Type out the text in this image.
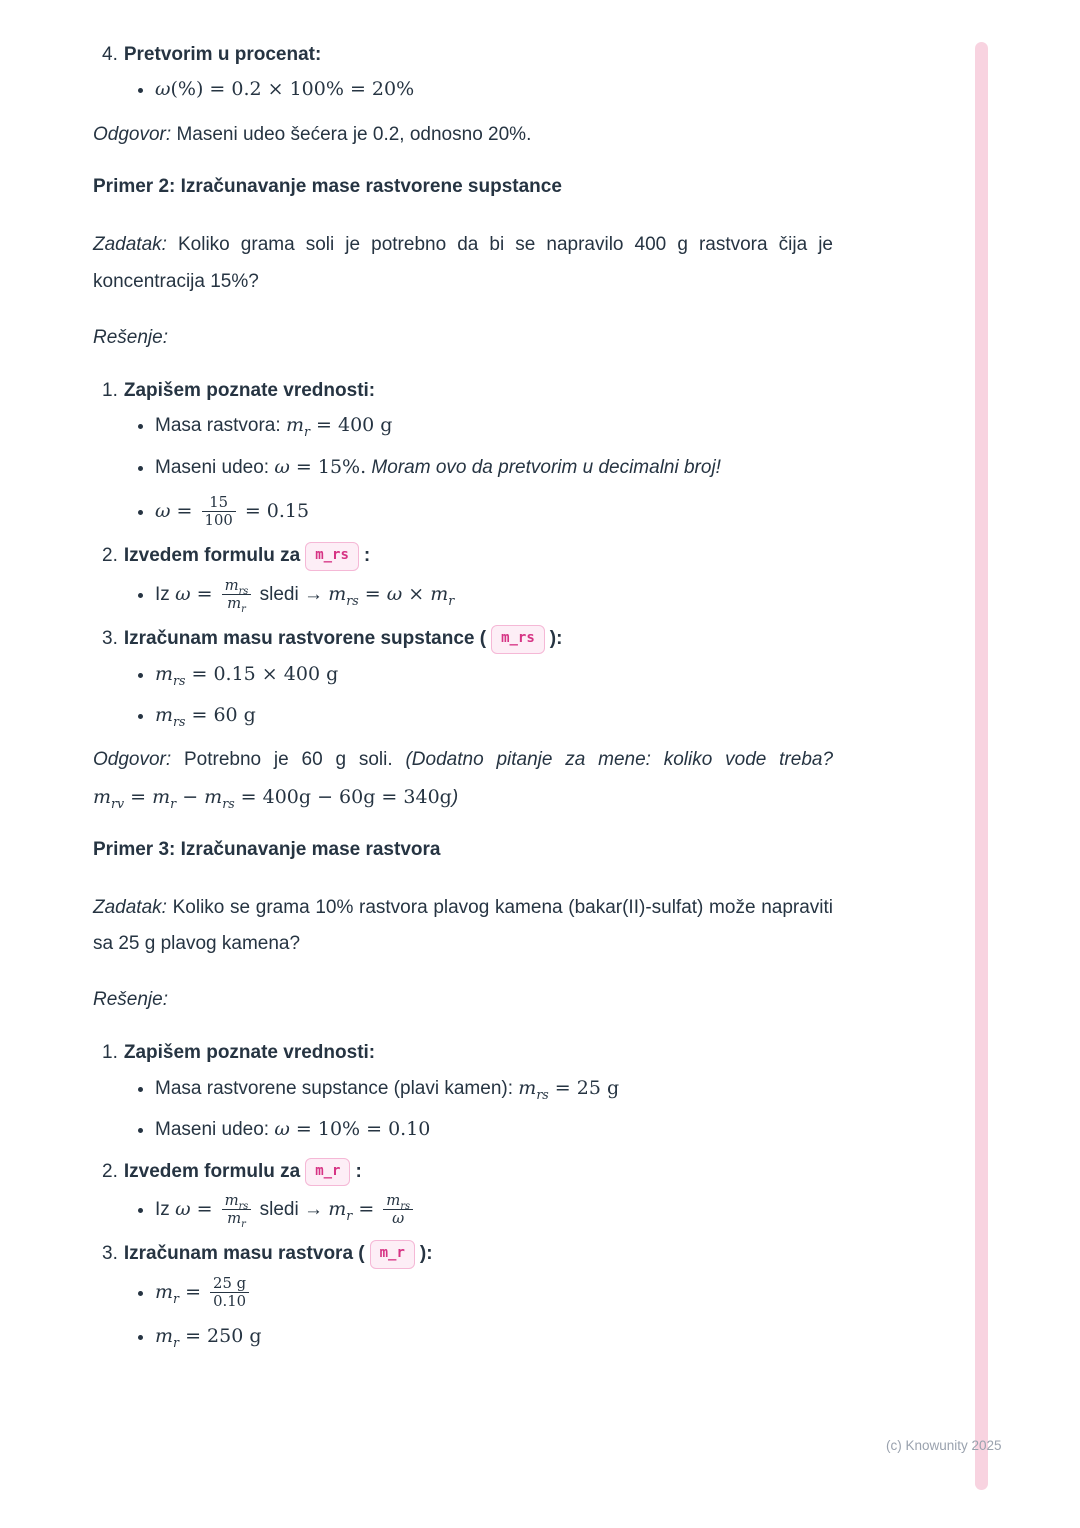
4. Pretvorim u procenat:
• ω(%) = 0.2 × 100% = 20%

Odgovor: Maseni udeo šećera je 0.2, odnosno 20%.

Primer 2: Izračunavanje mase rastvorene supstance

Zadatak: Koliko grama soli je potrebno da bi se napravilo 400 g rastvora čija je koncentracija 15%?

Rešenje:

1. Zapišem poznate vrednosti:
• Masa rastvora: $m_r = 400$ g
• Maseni udeo: ω = 15%. Moram ovo da pretvorim u decimalni broj!
• $\omega = \frac{15}{100} = 0.15$
2. Izvedem formulu za m_rs :
• Iz $\omega = \frac{m_{rs}}{m_r}$ sledi → $m_{rs} = \omega \times m_r$
3. Izračunam masu rastvorene supstance ( m_rs ):
• $m_{rs} = 0.15 \times 400$ g
• $m_{rs} = 60$ g

Odgovor: Potrebno je 60 g soli. (Dodatno pitanje za mene: koliko vode treba? $m_{rv} = m_r - m_{rs} = 400g - 60g = 340g$)

Primer 3: Izračunavanje mase rastvora

Zadatak: Koliko se grama 10% rastvora plavog kamena (bakar(II)-sulfat) može napraviti sa 25 g plavog kamena?

Rešenje:

1. Zapišem poznate vrednosti:
• Masa rastvorene supstance (plavi kamen): $m_{rs} = 25$ g
• Maseni udeo: ω = 10% = 0.10
2. Izvedem formulu za m_r :
• Iz $\omega = \frac{m_{rs}}{m_r}$ sledi → $m_r = \frac{m_{rs}}{\omega}$
3. Izračunam masu rastvora ( m_r ):
• $m_r = \frac{25 g}{0.10}$
• $m_r = 250$ g
(c) Knowunity 2025
